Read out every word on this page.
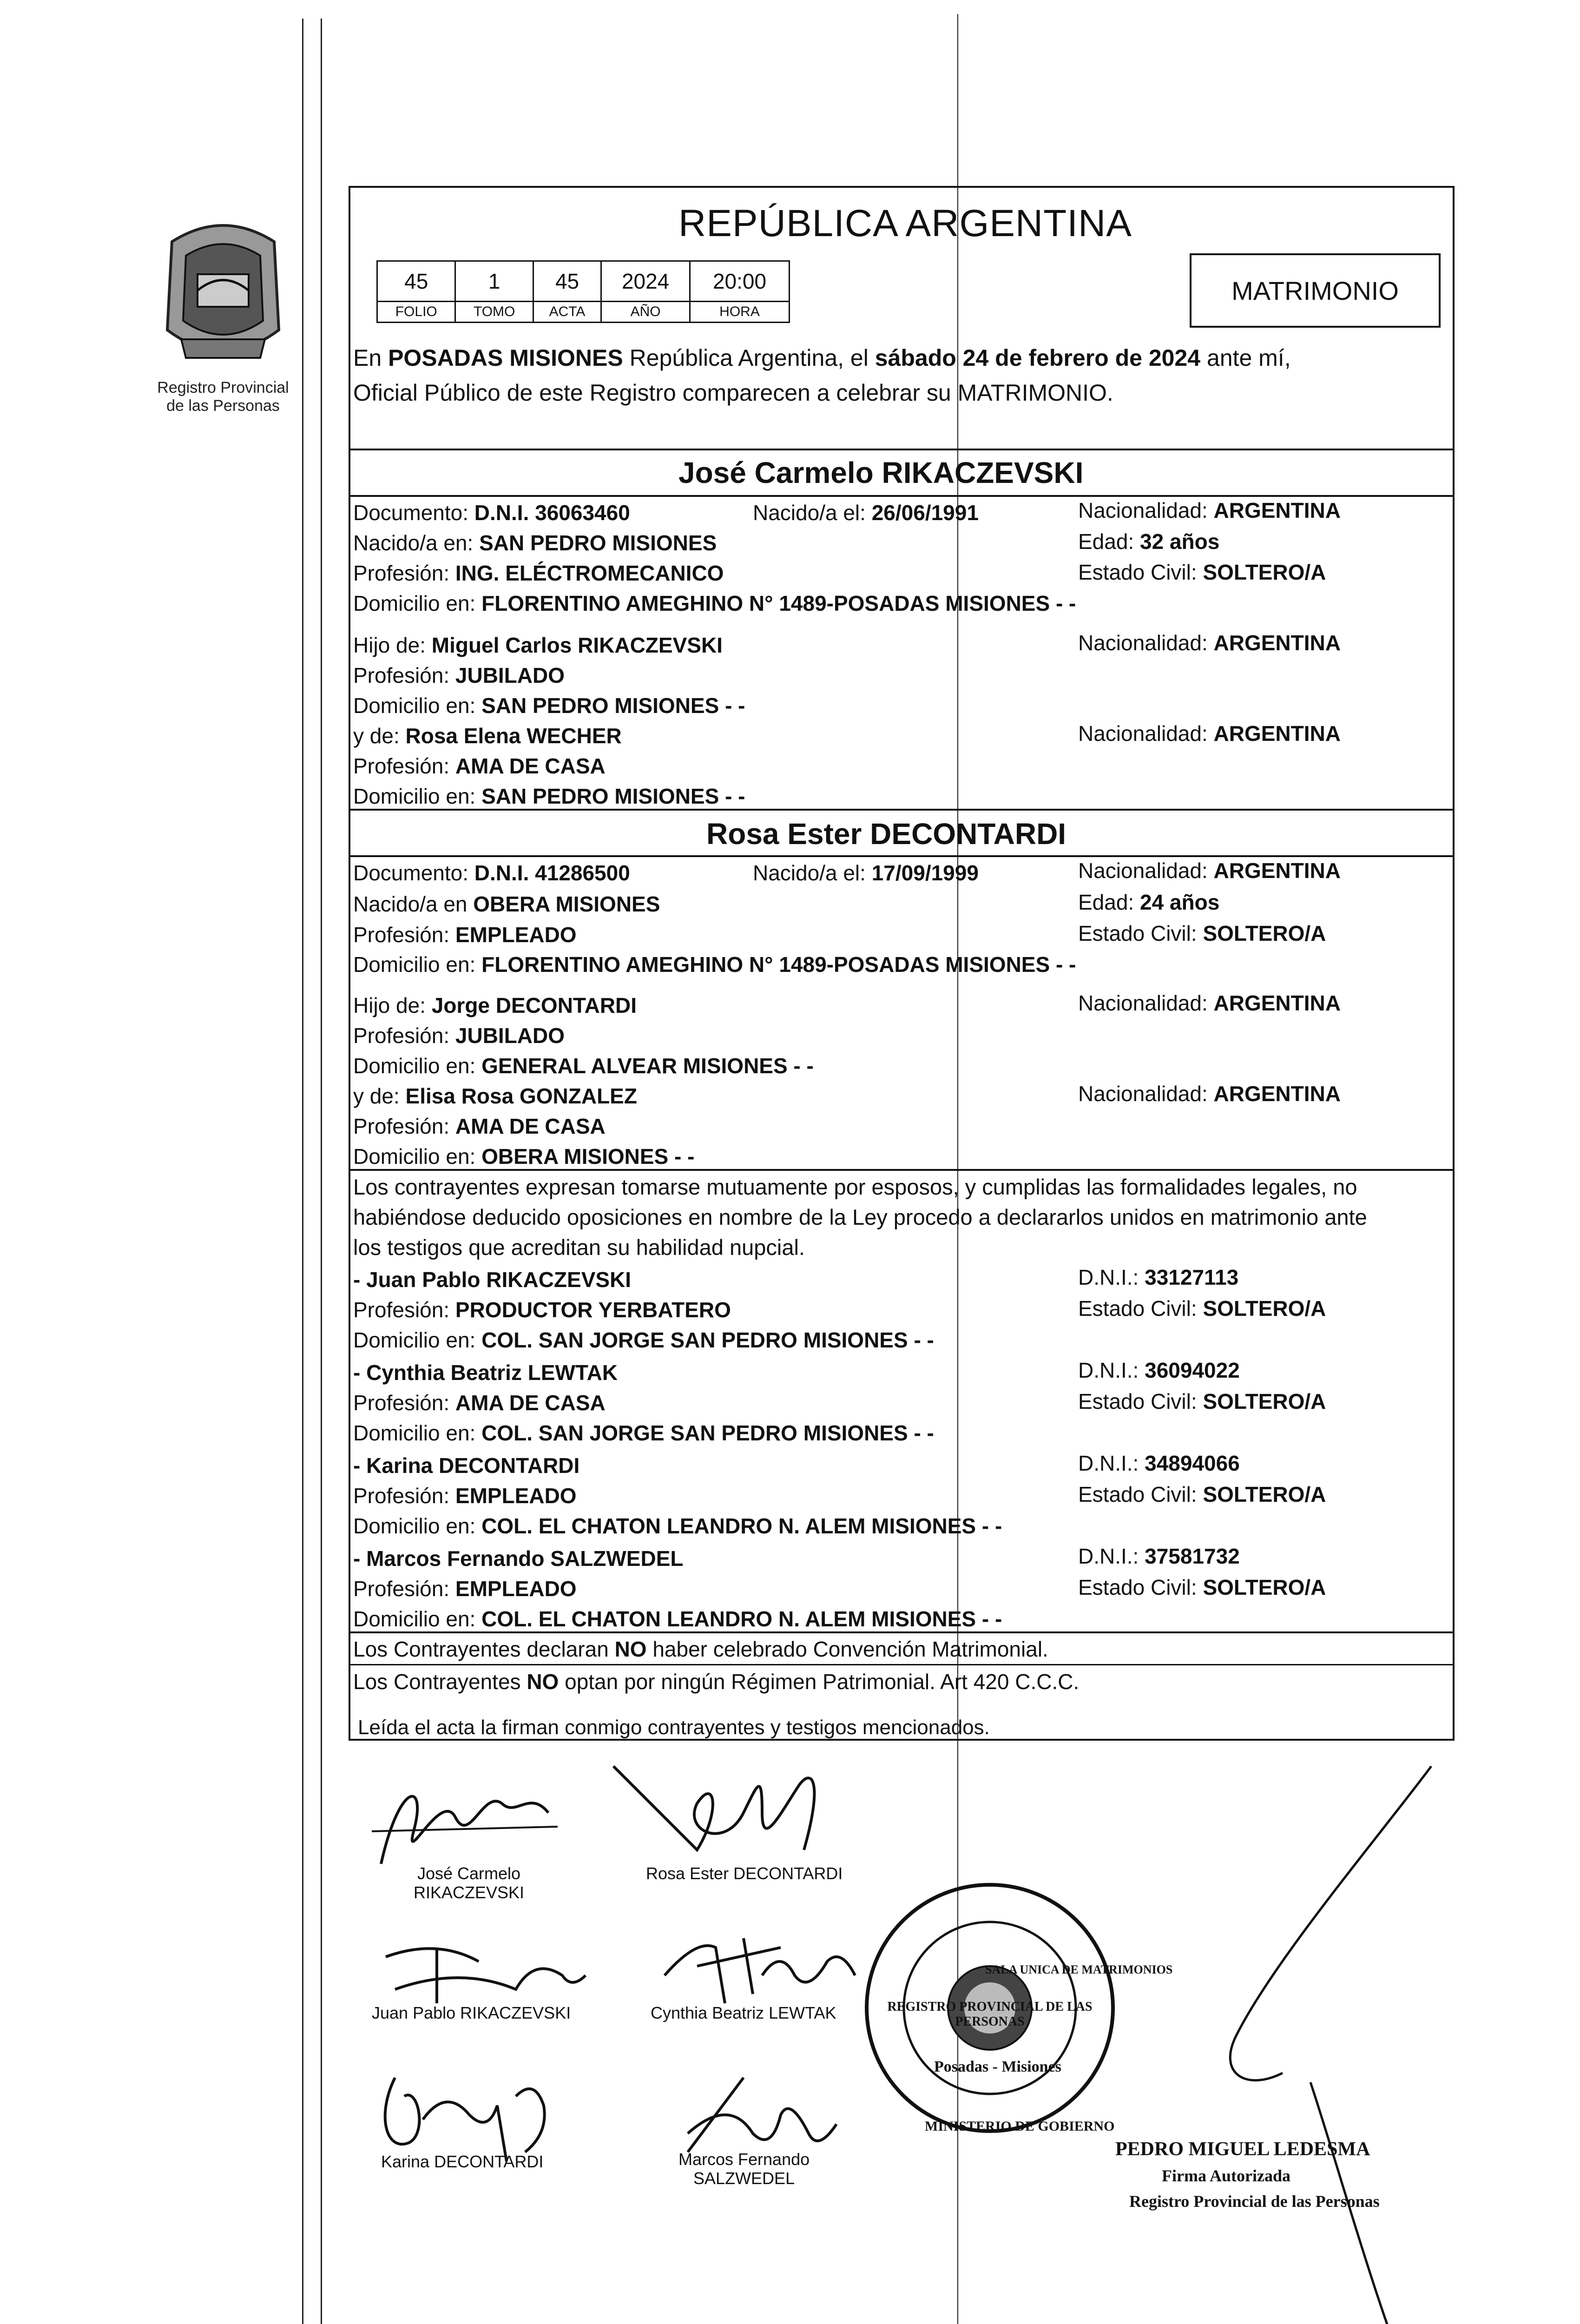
Registro Provincial
de las Personas
REPÚBLICA ARGENTINA
45	1	45	2024	20:00
FOLIO	TOMO	ACTA	AÑO	HORA
MATRIMONIO
En POSADAS MISIONES República Argentina, el sábado 24 de febrero de 2024 ante mí,
Oficial Público de este Registro comparecen a celebrar su MATRIMONIO.
José Carmelo RIKACZEVSKI
Documento: D.N.I. 36063460	Nacido/a el: 26/06/1991	Nacionalidad: ARGENTINA
Nacido/a en: SAN PEDRO MISIONES	Edad: 32 años
Profesión: ING. ELÉCTROMECANICO	Estado Civil: SOLTERO/A
Domicilio en: FLORENTINO AMEGHINO N° 1489-POSADAS MISIONES - -
Hijo de: Miguel Carlos RIKACZEVSKI	Nacionalidad: ARGENTINA
Profesión: JUBILADO
Domicilio en: SAN PEDRO MISIONES - -
y de: Rosa Elena WECHER	Nacionalidad: ARGENTINA
Profesión: AMA DE CASA
Domicilio en: SAN PEDRO MISIONES - -
Rosa Ester DECONTARDI
Documento: D.N.I. 41286500	Nacido/a el: 17/09/1999	Nacionalidad: ARGENTINA
Nacido/a en OBERA MISIONES	Edad: 24 años
Profesión: EMPLEADO	Estado Civil: SOLTERO/A
Domicilio en: FLORENTINO AMEGHINO N° 1489-POSADAS MISIONES - -
Hijo de: Jorge DECONTARDI	Nacionalidad: ARGENTINA
Profesión: JUBILADO
Domicilio en: GENERAL ALVEAR MISIONES - -
y de: Elisa Rosa GONZALEZ	Nacionalidad: ARGENTINA
Profesión: AMA DE CASA
Domicilio en: OBERA MISIONES - -
Los contrayentes expresan tomarse mutuamente por esposos, y cumplidas las formalidades legales, no
habiéndose deducido oposiciones en nombre de la Ley procedo a declararlos unidos en matrimonio ante
los testigos que acreditan su habilidad nupcial.
- Juan Pablo RIKACZEVSKI	D.N.I.: 33127113
Profesión: PRODUCTOR YERBATERO	Estado Civil: SOLTERO/A
Domicilio en: COL. SAN JORGE SAN PEDRO MISIONES - -
- Cynthia Beatriz LEWTAK	D.N.I.: 36094022
Profesión: AMA DE CASA	Estado Civil: SOLTERO/A
Domicilio en: COL. SAN JORGE SAN PEDRO MISIONES - -
- Karina DECONTARDI	D.N.I.: 34894066
Profesión: EMPLEADO	Estado Civil: SOLTERO/A
Domicilio en: COL. EL CHATON LEANDRO N. ALEM MISIONES - -
- Marcos Fernando SALZWEDEL	D.N.I.: 37581732
Profesión: EMPLEADO	Estado Civil: SOLTERO/A
Domicilio en: COL. EL CHATON LEANDRO N. ALEM MISIONES - -
Los Contrayentes declaran NO haber celebrado Convención Matrimonial.
Los Contrayentes NO optan por ningún Régimen Patrimonial. Art 420 C.C.C.
Leída el acta la firman conmigo contrayentes y testigos mencionados.
José Carmelo
RIKACZEVSKI
Rosa Ester DECONTARDI
Juan Pablo RIKACZEVSKI	Cynthia Beatriz LEWTAK
Karina DECONTARDI	Marcos Fernando
SALZWEDEL
REGISTRO PROVINCIAL DE LAS PERSONAS
Posadas - Misiones
MINISTERIO DE GOBIERNO
SALA UNICA DE MATRIMONIOS
PEDRO MIGUEL LEDESMA
Firma Autorizada
Registro Provincial de las Personas
